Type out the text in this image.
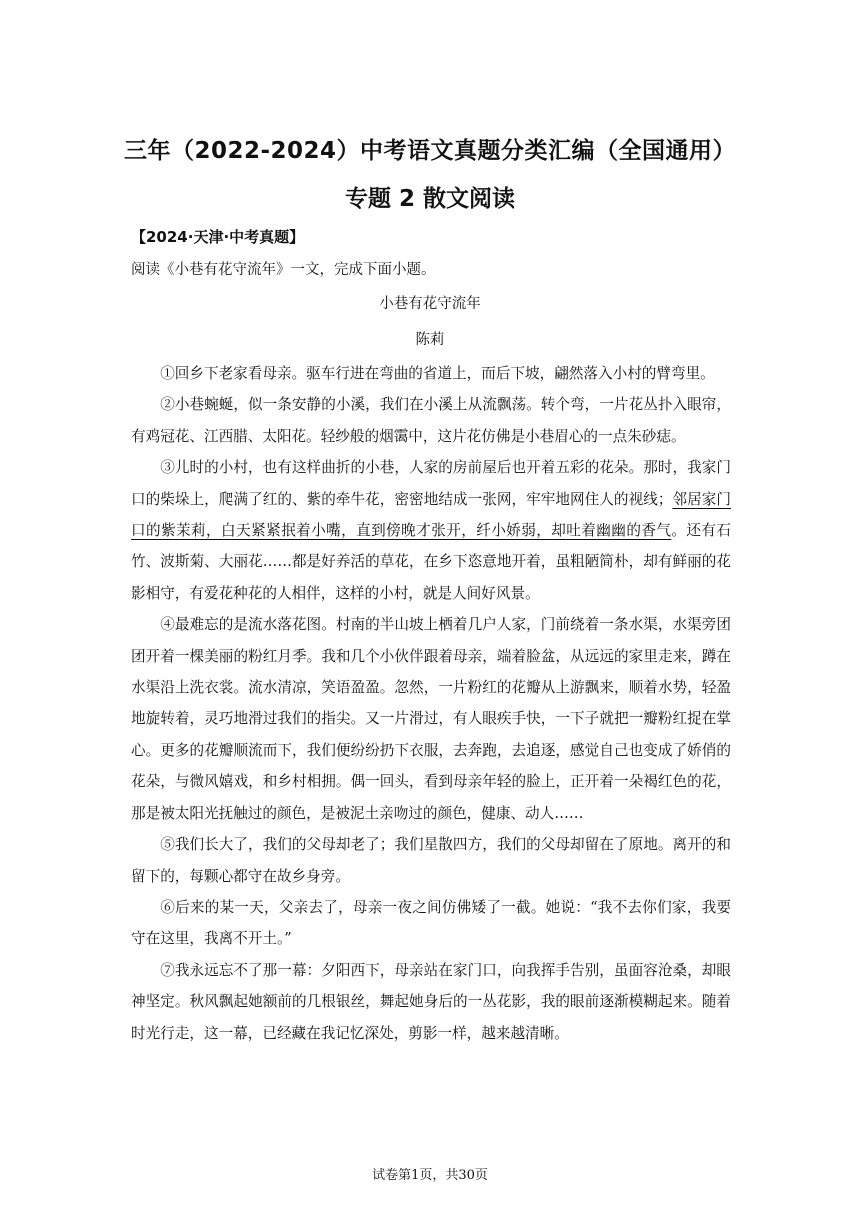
三年（2022-2024）中考语文真题分类汇编（全国通用）
专题 2 散文阅读
【2024·天津·中考真题】
阅读《小巷有花守流年》一文，完成下面小题。
小巷有花守流年
陈莉

①回乡下老家看母亲。驱车行进在弯曲的省道上，而后下坡，翩然落入小村的臂弯里。

②小巷蜿蜒，似一条安静的小溪，我们在小溪上从流飘荡。转个弯，一片花丛扑入眼帘，有鸡冠花、江西腊、太阳花。轻纱般的烟霭中，这片花仿佛是小巷眉心的一点朱砂痣。

③儿时的小村，也有这样曲折的小巷，人家的房前屋后也开着五彩的花朵。那时，我家门口的柴垛上，爬满了红的、紫的牵牛花，密密地结成一张网，牢牢地网住人的视线；邻居家门口的紫茉莉，白天紧紧抿着小嘴，直到傍晚才张开，纤小娇弱，却吐着幽幽的香气。还有石竹、波斯菊、大丽花……都是好养活的草花，在乡下恣意地开着，虽粗陋简朴，却有鲜丽的花影相守，有爱花种花的人相伴，这样的小村，就是人间好风景。

④最难忘的是流水落花图。村南的半山坡上栖着几户人家，门前绕着一条水渠，水渠旁团团开着一棵美丽的粉红月季。我和几个小伙伴跟着母亲，端着脸盆，从远远的家里走来，蹲在水渠沿上洗衣裳。流水清凉，笑语盈盈。忽然，一片粉红的花瓣从上游飘来，顺着水势，轻盈地旋转着，灵巧地滑过我们的指尖。又一片滑过，有人眼疾手快，一下子就把一瓣粉红捉在掌心。更多的花瓣顺流而下，我们便纷纷扔下衣服，去奔跑，去追逐，感觉自己也变成了娇俏的花朵，与微风嬉戏，和乡村相拥。偶一回头，看到母亲年轻的脸上，正开着一朵褐红色的花，那是被太阳光抚触过的颜色，是被泥土亲吻过的颜色，健康、动人……

⑤我们长大了，我们的父母却老了；我们星散四方，我们的父母却留在了原地。离开的和留下的，每颗心都守在故乡身旁。

⑥后来的某一天，父亲去了，母亲一夜之间仿佛矮了一截。她说：“我不去你们家，我要守在这里，我离不开土。”

⑦我永远忘不了那一幕：夕阳西下，母亲站在家门口，向我挥手告别，虽面容沧桑，却眼神坚定。秋风飘起她额前的几根银丝，舞起她身后的一丛花影，我的眼前逐渐模糊起来。随着时光行走，这一幕，已经藏在我记忆深处，剪影一样，越来越清晰。

试卷第1页，共30页
